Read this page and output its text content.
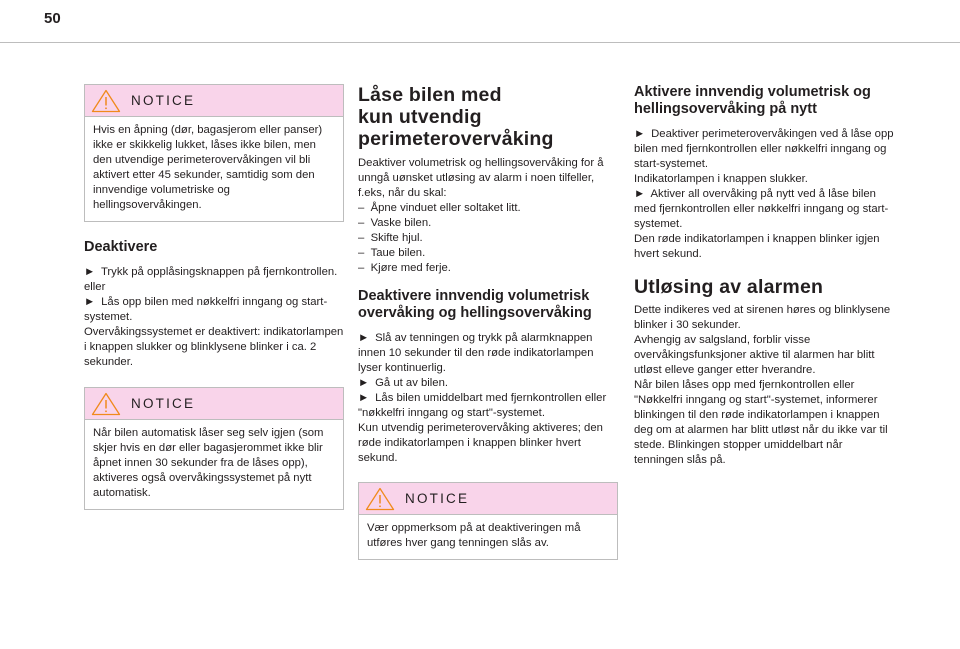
50
NOTICE
Hvis en åpning (dør, bagasjerom eller panser) ikke er skikkelig lukket, låses ikke bilen, men den utvendige perimeterovervåkingen vil bli aktivert etter 45 sekunder, samtidig som den innvendige volumetriske og hellingsovervåkingen.
Deaktivere
► Trykk på opplåsingsknappen på fjernkontrollen.
eller
► Lås opp bilen med nøkkelfri inngang og start-systemet.
Overvåkingssystemet er deaktivert: indikatorlampen i knappen slukker og blinklysene blinker i ca. 2 sekunder.
NOTICE
Når bilen automatisk låser seg selv igjen (som skjer hvis en dør eller bagasjerommet ikke blir åpnet innen 30 sekunder fra de låses opp), aktiveres også overvåkingssystemet på nytt automatisk.
Låse bilen med
kun utvendig
perimeterovervåking
Deaktiver volumetrisk og hellingsovervåking for å unngå uønsket utløsing av alarm i noen tilfeller, f.eks, når du skal:
–  Åpne vinduet eller soltaket litt.
–  Vaske bilen.
–  Skifte hjul.
–  Taue bilen.
–  Kjøre med ferje.
Deaktivere innvendig volumetrisk overvåking og hellingsovervåking
► Slå av tenningen og trykk på alarmknappen innen 10 sekunder til den røde indikatorlampen lyser kontinuerlig.
► Gå ut av bilen.
► Lås bilen umiddelbart med fjernkontrollen eller "nøkkelfri inngang og start"-systemet.
Kun utvendig perimeterovervåking aktiveres; den røde indikatorlampen i knappen blinker hvert sekund.
NOTICE
Vær oppmerksom på at deaktiveringen må utføres hver gang tenningen slås av.
Aktivere innvendig volumetrisk og hellingsovervåking på nytt
► Deaktiver perimeterovervåkingen ved å låse opp bilen med fjernkontrollen eller nøkkelfri inngang og start-systemet.
Indikatorlampen i knappen slukker.
► Aktiver all overvåking på nytt ved å låse bilen med fjernkontrollen eller nøkkelfri inngang og start-systemet.
Den røde indikatorlampen i knappen blinker igjen hvert sekund.
Utløsing av alarmen
Dette indikeres ved at sirenen høres og blinklysene blinker i 30 sekunder.
Avhengig av salgsland, forblir visse overvåkingsfunksjoner aktive til alarmen har blitt utløst elleve ganger etter hverandre.
Når bilen låses opp med fjernkontrollen eller "Nøkkelfri inngang og start"-systemet, informerer blinkingen til den røde indikatorlampen i knappen deg om at alarmen har blitt utløst når du ikke var til stede. Blinkingen stopper umiddelbart når tenningen slås på.
